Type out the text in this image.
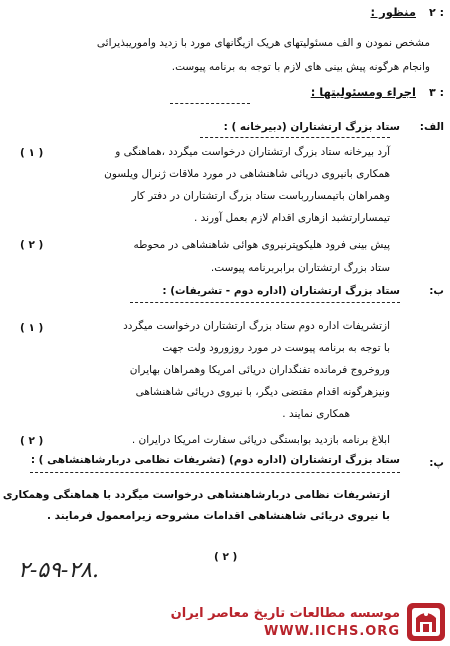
۲ :
منظور :
مشخص نمودن و الف مسئولیتهای هریک ازیگانهای مورد با زدید واموریبذیرائی
وانجام هرگونه پیش بینی های لازم با توجه به برنامه پیوست.
۳ :
اجراء ومسئولیتها :
الف:
ستاد بزرگ ارتشتاران (دبیرخانه ) :
( ۱ )	آرد بیرخانه ستاد بزرگ ارتشتاران درخواست میگردد ،هماهنگی و
همکاری بانیروی دریائی شاهنشاهی در مورد ملاقات ژنرال ویلسون
وهمراهان باتیمساررباست ستاد بزرگ ارتشتاران در دفتر کار
تیمسارارتشبد ازهاری اقدام لازم بعمل آورند .
( ۲ )	پیش بینی فرود هلیکوپترنیروی هوائی شاهنشاهی در محوطه
ستاد بزرگ ارتشتاران برابربرنامه پیوست.
ب:
ستاد بزرگ ارتشتاران (اداره دوم - تشریفات) :
( ۱ )	ازتشریفات اداره دوم ستاد بزرگ ارتشتاران درخواست میگردد
با توجه به برنامه پیوست در مورد روزورود ولت جهت
وروخروج فرمانده تفنگداران دریائی امریکا وهمراهان بهایران
ونیزهرگونه اقدام مقتضی دیگر، با نیروی دریائی شاهنشاهی
همکاری نمایند .
( ۲ )	ابلاغ برنامه بازدید بوابستگی دریائی سفارت امریکا درایران .
پ:
ستاد بزرگ ارتشتاران (اداره دوم) (تشریفات نظامی دربارشاهنشاهی ) :
ازتشریفات نظامی دربارشاهنشاهی درخواست میگردد با هماهنگی وهمکاری
با نیروی دریائی شاهنشاهی اقدامات مشروحه زیرامعمول فرمایند .
( ۲ )
۲-۵۹-۲۸.
موسسه مطالعات تاریخ معاصر ایران
WWW.IICHS.ORG
